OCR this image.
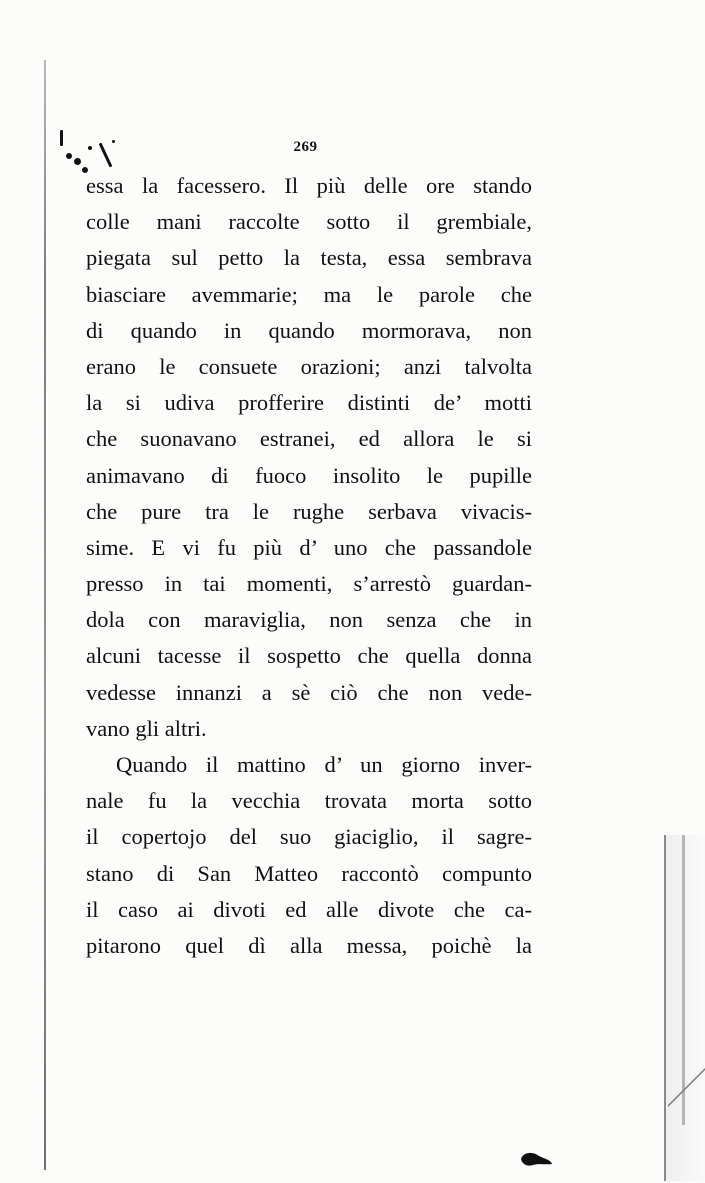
269
essa la facessero. Il più delle ore stando
colle mani raccolte sotto il grembiale,
piegata sul petto la testa, essa sembrava
biasciare avemmarie; ma le parole che
di quando in quando mormorava, non
erano le consuete orazioni; anzi talvolta
la si udiva profferire distinti de’ motti
che suonavano estranei, ed allora le si
animavano di fuoco insolito le pupille
che pure tra le rughe serbava vivacis-
sime. E vi fu più d’ uno che passandole
presso in tai momenti, s’arrestò guardan-
dola con maraviglia, non senza che in
alcuni tacesse il sospetto che quella donna
vedesse innanzi a sè ciò che non vede-
vano gli altri.
Quando il mattino d’ un giorno inver-
nale fu la vecchia trovata morta sotto
il copertojo del suo giaciglio, il sagre-
stano di San Matteo raccontò compunto
il caso ai divoti ed alle divote che ca-
pitarono quel dì alla messa, poichè la
